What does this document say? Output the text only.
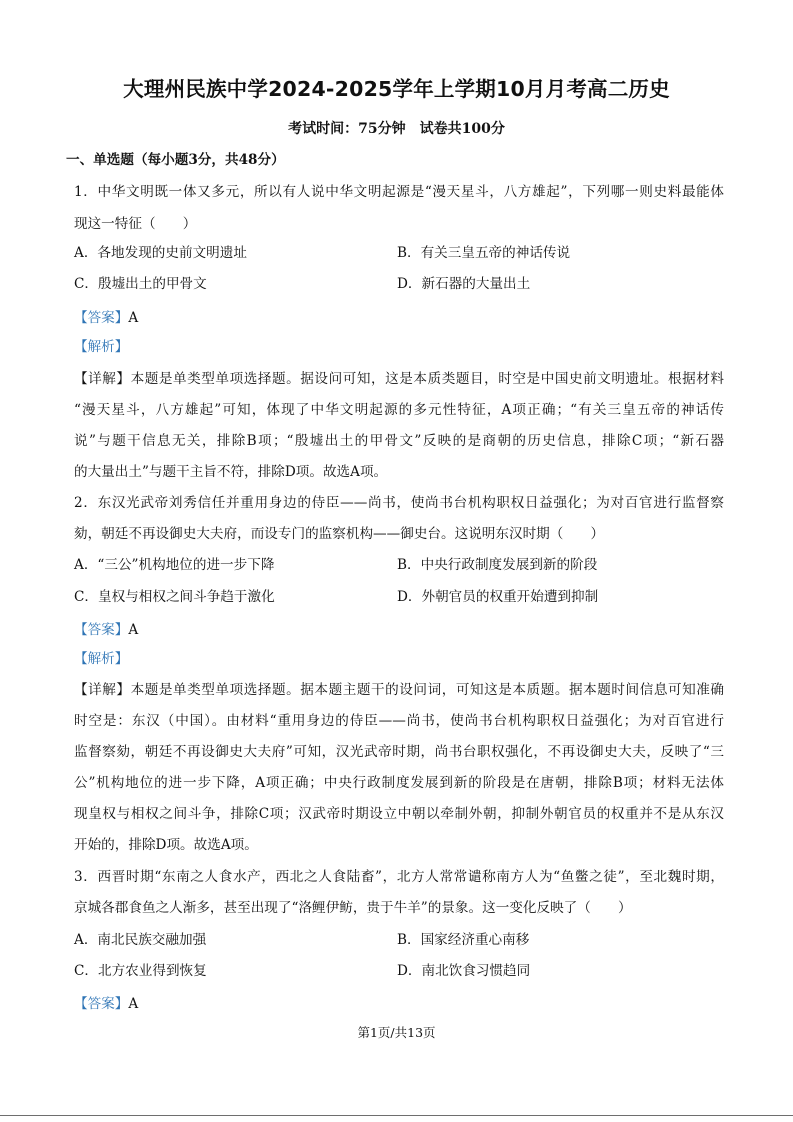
大理州民族中学2024-2025学年上学期10月月考高二历史
考试时间：75分钟 试卷共100分
一、单选题（每小题3分，共48分）
1．中华文明既一体又多元，所以有人说中华文明起源是“漫天星斗，八方雄起”，下列哪一则史料最能体
现这一特征（　　）
A．各地发现的史前文明遗址	B．有关三皇五帝的神话传说
C．殷墟出土的甲骨文	D．新石器的大量出土
【答案】A
【解析】
【详解】本题是单类型单项选择题。据设问可知，这是本质类题目，时空是中国史前文明遗址。根据材料
“漫天星斗，八方雄起”可知，体现了中华文明起源的多元性特征，A项正确；“有关三皇五帝的神话传
说”与题干信息无关，排除B项；“殷墟出土的甲骨文”反映的是商朝的历史信息，排除C项；“新石器
的大量出土”与题干主旨不符，排除D项。故选A项。
2．东汉光武帝刘秀信任并重用身边的侍臣——尚书，使尚书台机构职权日益强化；为对百官进行监督察
劾，朝廷不再设御史大夫府，而设专门的监察机构——御史台。这说明东汉时期（　　）
A．“三公”机构地位的进一步下降	B．中央行政制度发展到新的阶段
C．皇权与相权之间斗争趋于激化	D．外朝官员的权重开始遭到抑制
【答案】A
【解析】
【详解】本题是单类型单项选择题。据本题主题干的设问词，可知这是本质题。据本题时间信息可知准确
时空是：东汉（中国）。由材料“重用身边的侍臣——尚书，使尚书台机构职权日益强化；为对百官进行
监督察劾，朝廷不再设御史大夫府”可知，汉光武帝时期，尚书台职权强化，不再设御史大夫，反映了“三
公”机构地位的进一步下降，A项正确；中央行政制度发展到新的阶段是在唐朝，排除B项；材料无法体
现皇权与相权之间斗争，排除C项；汉武帝时期设立中朝以牵制外朝，抑制外朝官员的权重并不是从东汉
开始的，排除D项。故选A项。
3．西晋时期“东南之人食水产，西北之人食陆畜”，北方人常常谴称南方人为“鱼鳖之徒”，至北魏时期，
京城各郡食鱼之人渐多，甚至出现了“洛鲤伊鲂，贵于牛羊”的景象。这一变化反映了（　　）
A．南北民族交融加强	B．国家经济重心南移
C．北方农业得到恢复	D．南北饮食习惯趋同
【答案】A
第1页/共13页
